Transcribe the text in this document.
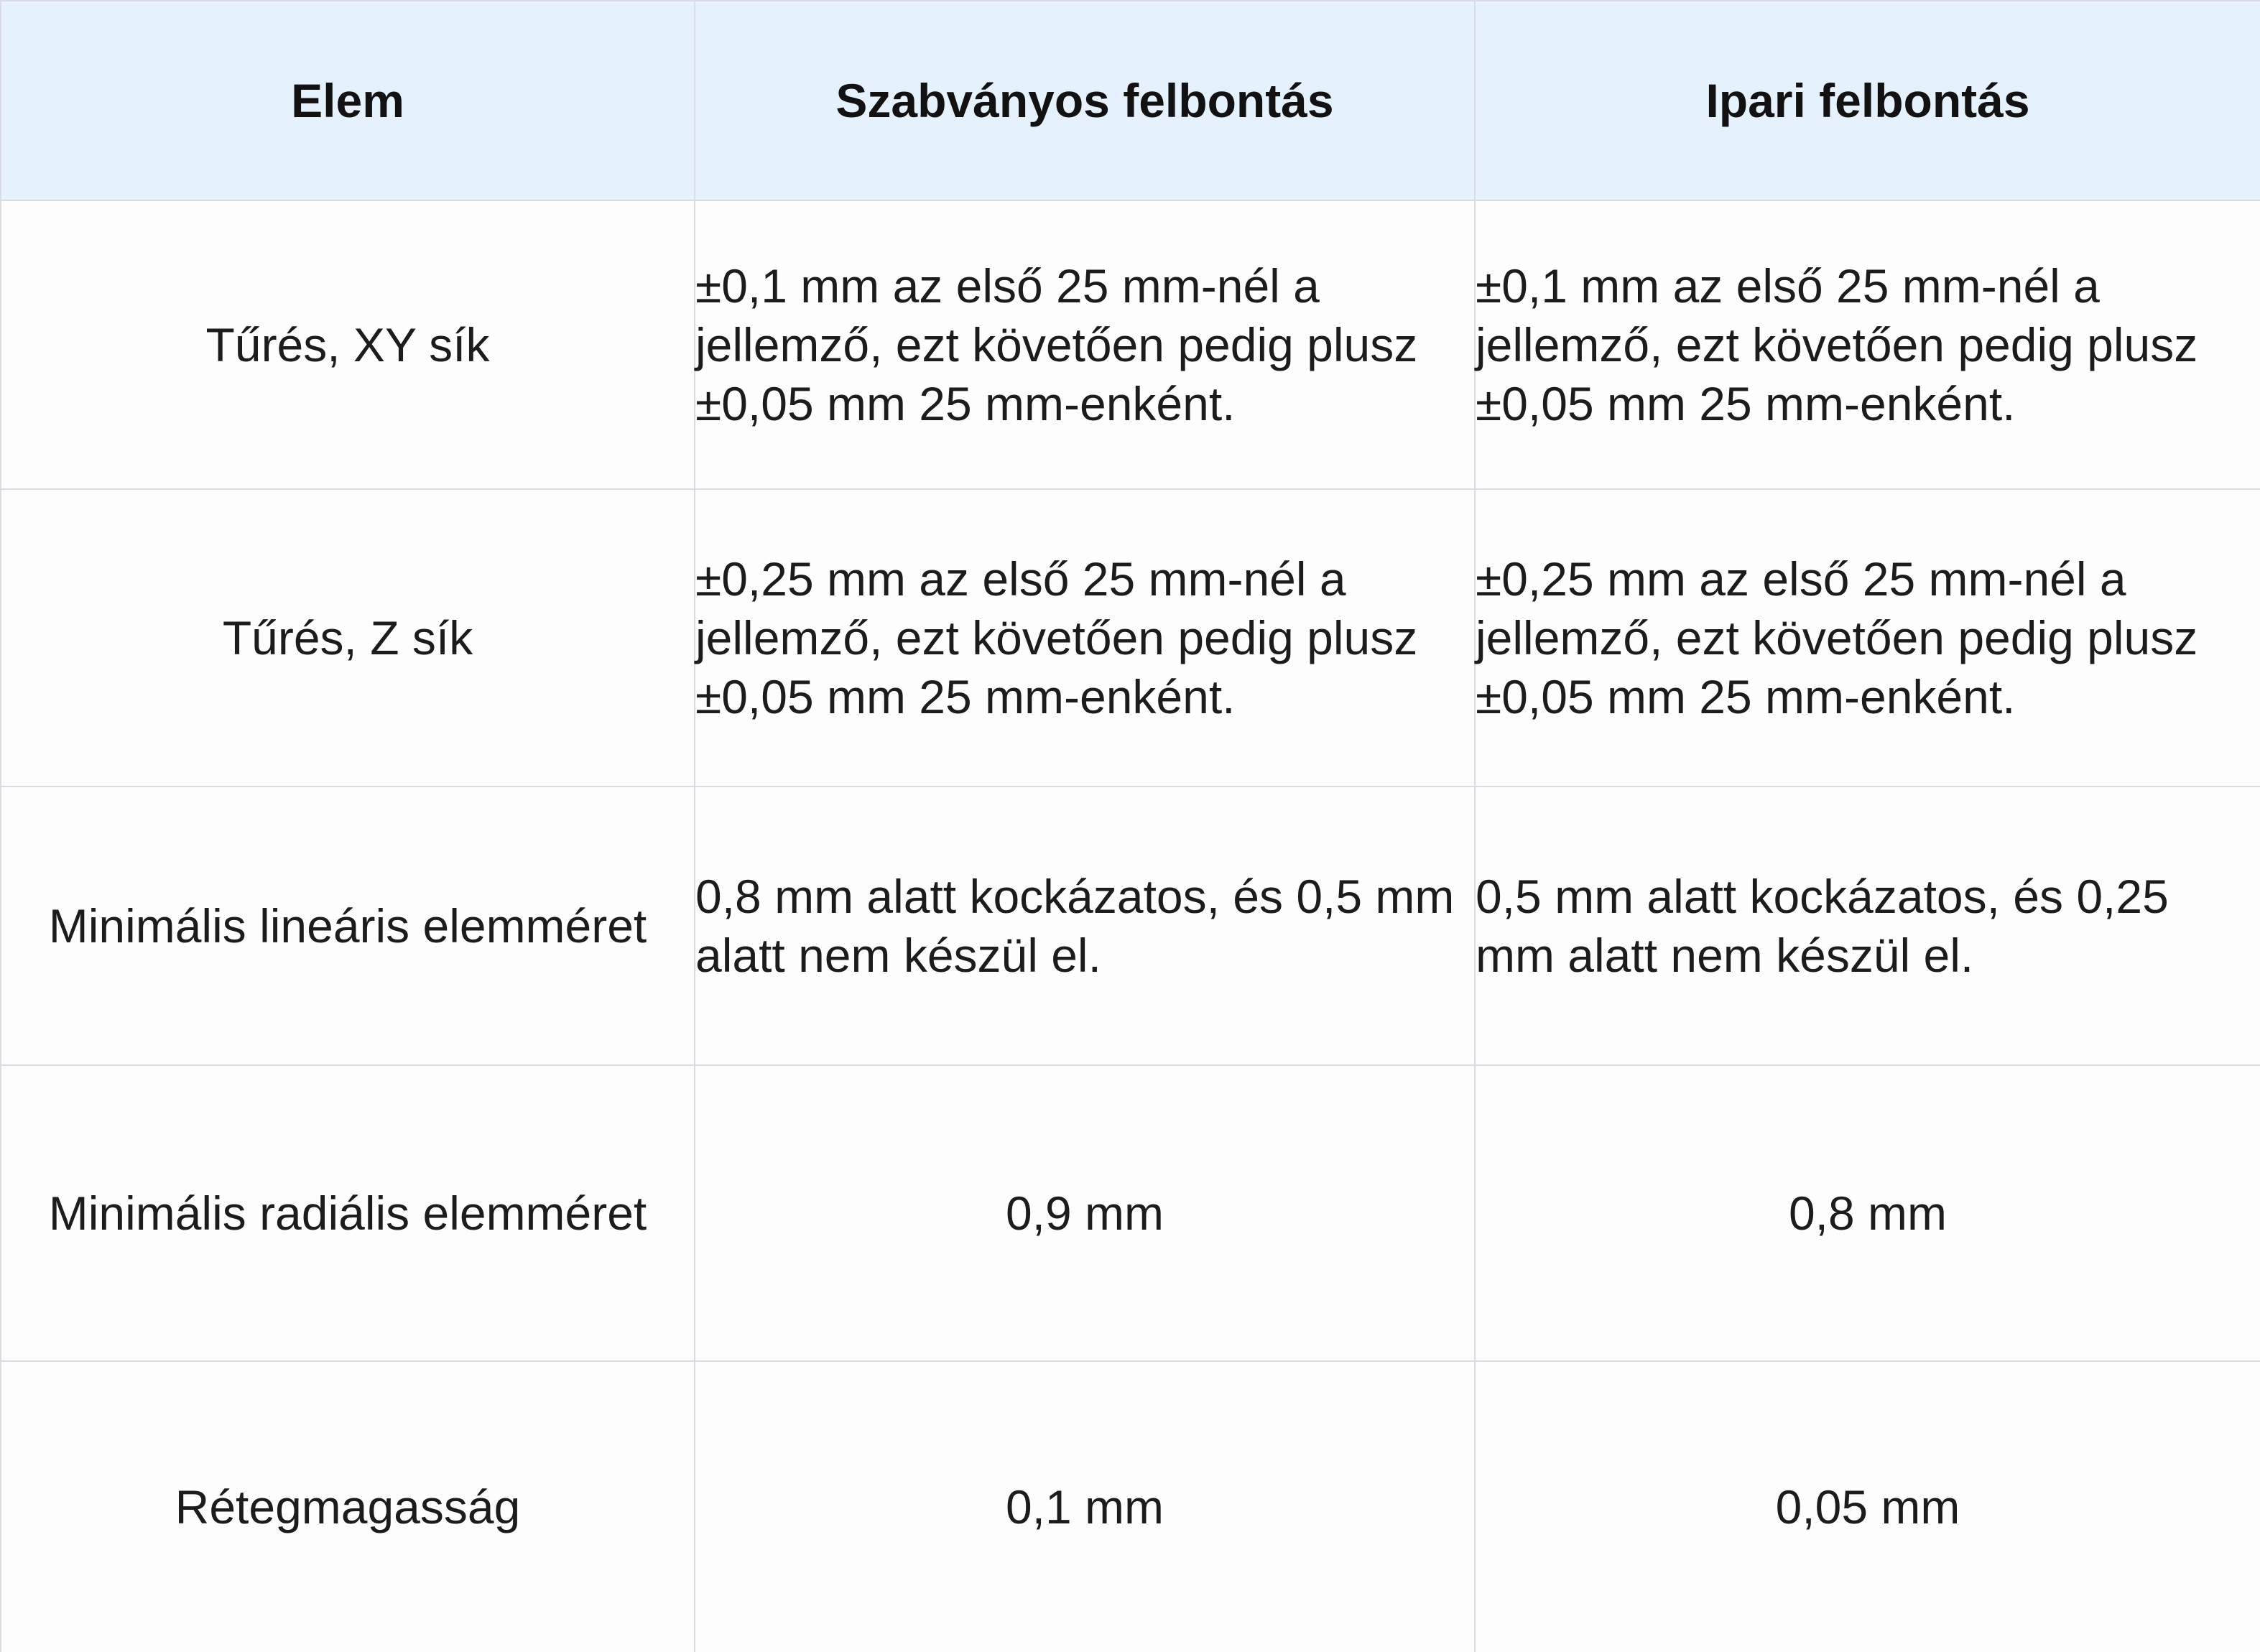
Elem	Szabványos felbontás	Ipari felbontás
Tűrés, XY sík	±0,1 mm az első 25 mm-nél a jellemző, ezt követően pedig plusz ±0,05 mm 25 mm-enként.	±0,1 mm az első 25 mm-nél a jellemző, ezt követően pedig plusz ±0,05 mm 25 mm-enként.
Tűrés, Z sík	±0,25 mm az első 25 mm-nél a jellemző, ezt követően pedig plusz ±0,05 mm 25 mm-enként.	±0,25 mm az első 25 mm-nél a jellemző, ezt követően pedig plusz ±0,05 mm 25 mm-enként.
Minimális lineáris elemméret	0,8 mm alatt kockázatos, és 0,5 mm alatt nem készül el.	0,5 mm alatt kockázatos, és 0,25 mm alatt nem készül el.
Minimális radiális elemméret	0,9 mm	0,8 mm
Rétegmagasság	0,1 mm	0,05 mm
